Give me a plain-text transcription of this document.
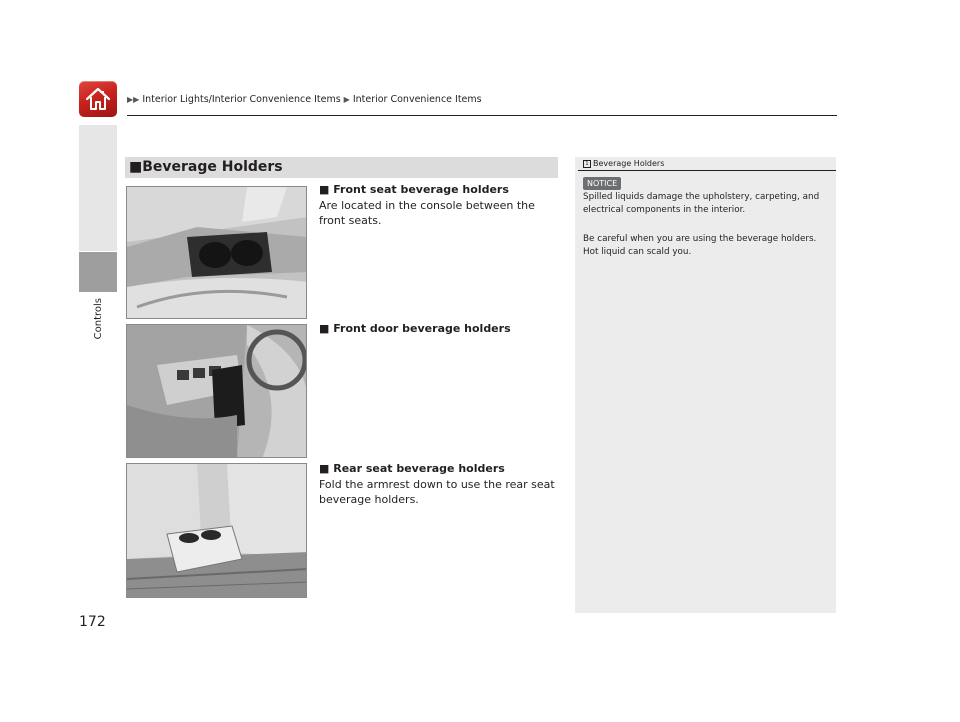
▶▶ Interior Lights/Interior Convenience Items ▶ Interior Convenience Items
Controls
172
■Beverage Holders
■ Front seat beverage holders
Are located in the console between the front seats.
■ Front door beverage holders
■ Rear seat beverage holders
Fold the armrest down to use the rear seat beverage holders.
1 Beverage Holders
NOTICE
Spilled liquids damage the upholstery, carpeting, and electrical components in the interior.
Be careful when you are using the beverage holders. Hot liquid can scald you.
